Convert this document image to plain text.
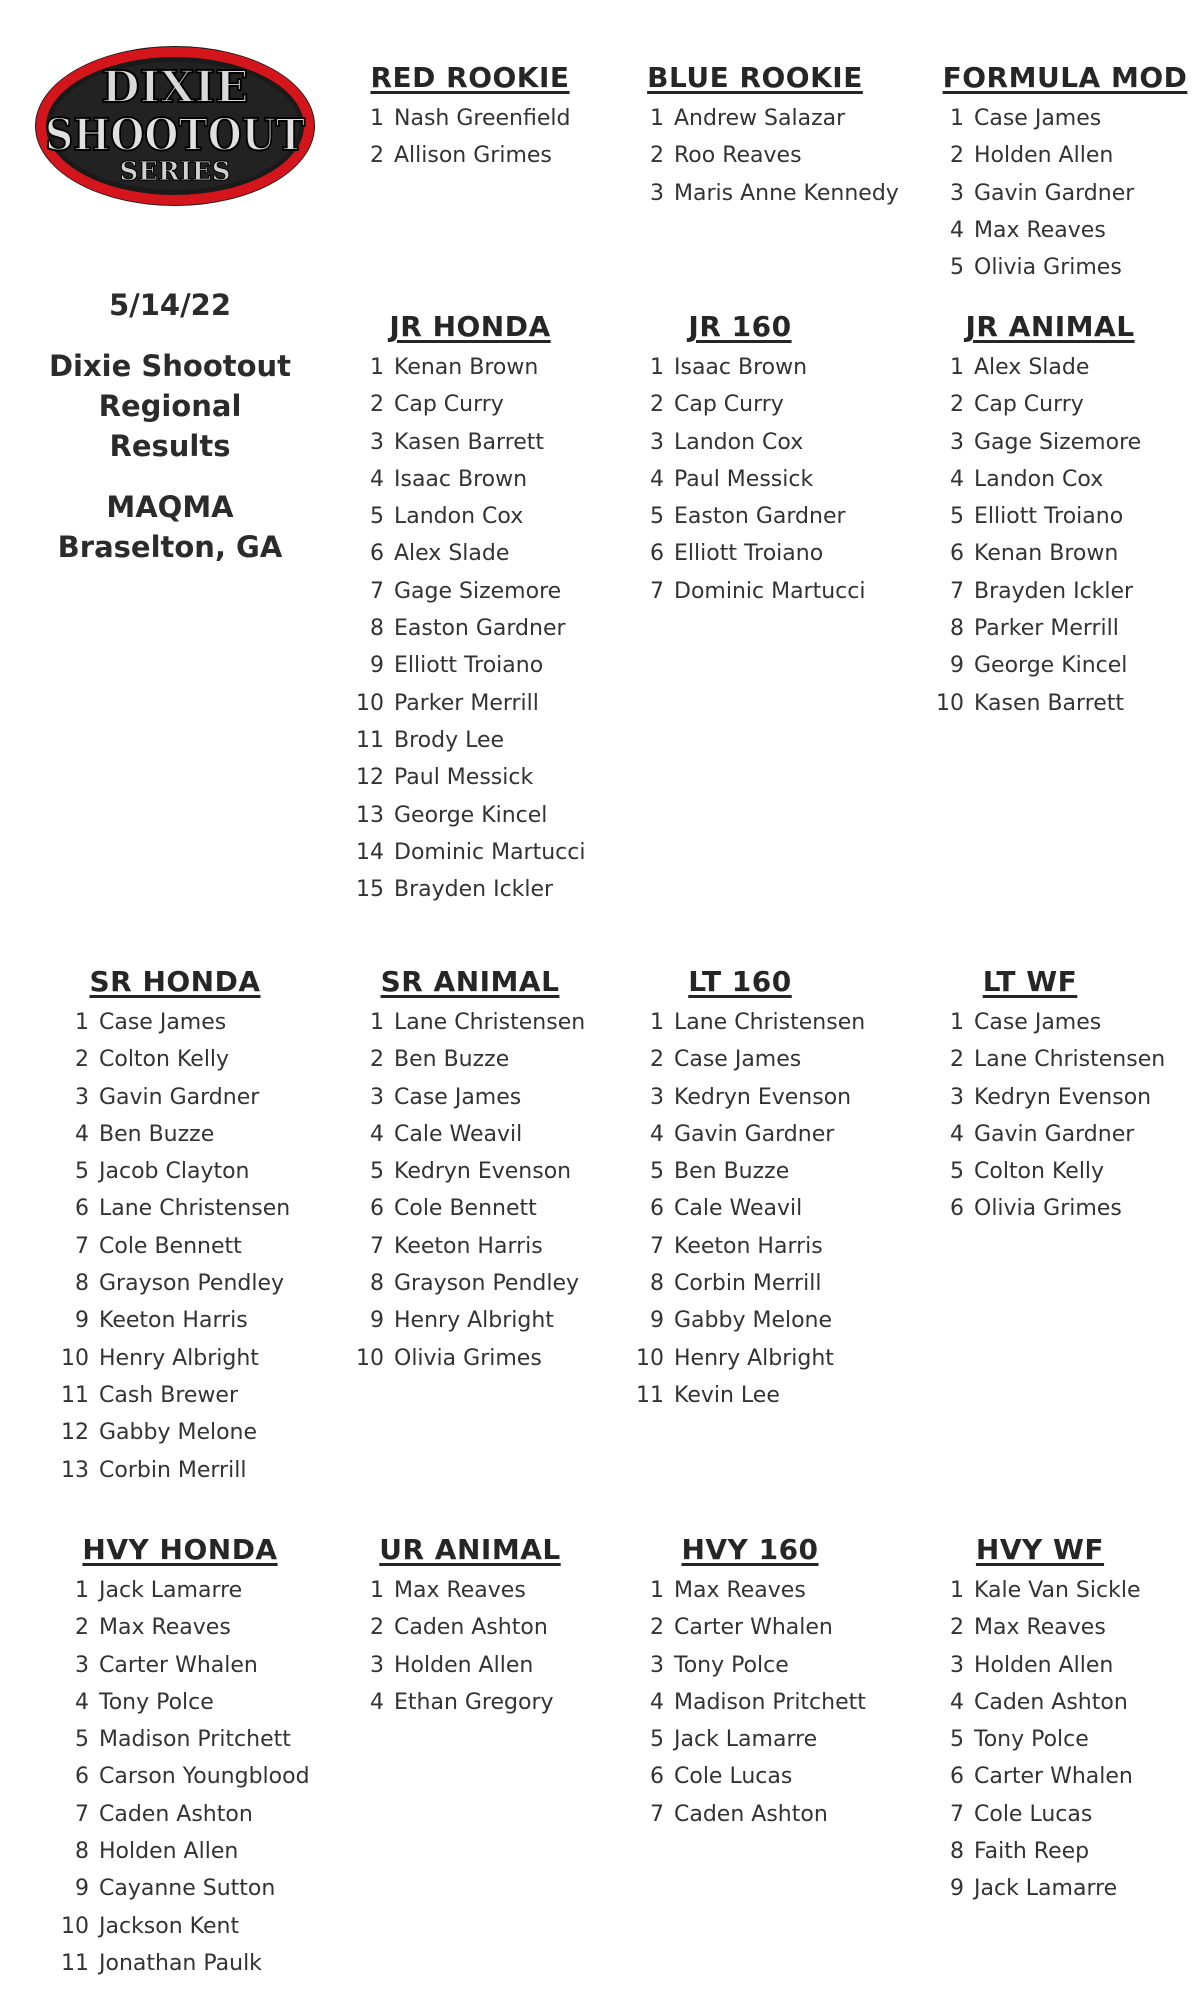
DIXIE
SHOOTOUT
SERIES
5/14/22
Dixie Shootout
Regional
Results
MAQMA
Braselton, GA
RED ROOKIE
1 Nash Greenfield
2 Allison Grimes
BLUE ROOKIE
1 Andrew Salazar
2 Roo Reaves
3 Maris Anne Kennedy
FORMULA MOD
1 Case James
2 Holden Allen
3 Gavin Gardner
4 Max Reaves
5 Olivia Grimes
JR HONDA
1 Kenan Brown
2 Cap Curry
3 Kasen Barrett
4 Isaac Brown
5 Landon Cox
6 Alex Slade
7 Gage Sizemore
8 Easton Gardner
9 Elliott Troiano
10 Parker Merrill
11 Brody Lee
12 Paul Messick
13 George Kincel
14 Dominic Martucci
15 Brayden Ickler
JR 160
1 Isaac Brown
2 Cap Curry
3 Landon Cox
4 Paul Messick
5 Easton Gardner
6 Elliott Troiano
7 Dominic Martucci
JR ANIMAL
1 Alex Slade
2 Cap Curry
3 Gage Sizemore
4 Landon Cox
5 Elliott Troiano
6 Kenan Brown
7 Brayden Ickler
8 Parker Merrill
9 George Kincel
10 Kasen Barrett
SR HONDA
1 Case James
2 Colton Kelly
3 Gavin Gardner
4 Ben Buzze
5 Jacob Clayton
6 Lane Christensen
7 Cole Bennett
8 Grayson Pendley
9 Keeton Harris
10 Henry Albright
11 Cash Brewer
12 Gabby Melone
13 Corbin Merrill
SR ANIMAL
1 Lane Christensen
2 Ben Buzze
3 Case James
4 Cale Weavil
5 Kedryn Evenson
6 Cole Bennett
7 Keeton Harris
8 Grayson Pendley
9 Henry Albright
10 Olivia Grimes
LT 160
1 Lane Christensen
2 Case James
3 Kedryn Evenson
4 Gavin Gardner
5 Ben Buzze
6 Cale Weavil
7 Keeton Harris
8 Corbin Merrill
9 Gabby Melone
10 Henry Albright
11 Kevin Lee
LT WF
1 Case James
2 Lane Christensen
3 Kedryn Evenson
4 Gavin Gardner
5 Colton Kelly
6 Olivia Grimes
HVY HONDA
1 Jack Lamarre
2 Max Reaves
3 Carter Whalen
4 Tony Polce
5 Madison Pritchett
6 Carson Youngblood
7 Caden Ashton
8 Holden Allen
9 Cayanne Sutton
10 Jackson Kent
11 Jonathan Paulk
UR ANIMAL
1 Max Reaves
2 Caden Ashton
3 Holden Allen
4 Ethan Gregory
HVY 160
1 Max Reaves
2 Carter Whalen
3 Tony Polce
4 Madison Pritchett
5 Jack Lamarre
6 Cole Lucas
7 Caden Ashton
HVY WF
1 Kale Van Sickle
2 Max Reaves
3 Holden Allen
4 Caden Ashton
5 Tony Polce
6 Carter Whalen
7 Cole Lucas
8 Faith Reep
9 Jack Lamarre
